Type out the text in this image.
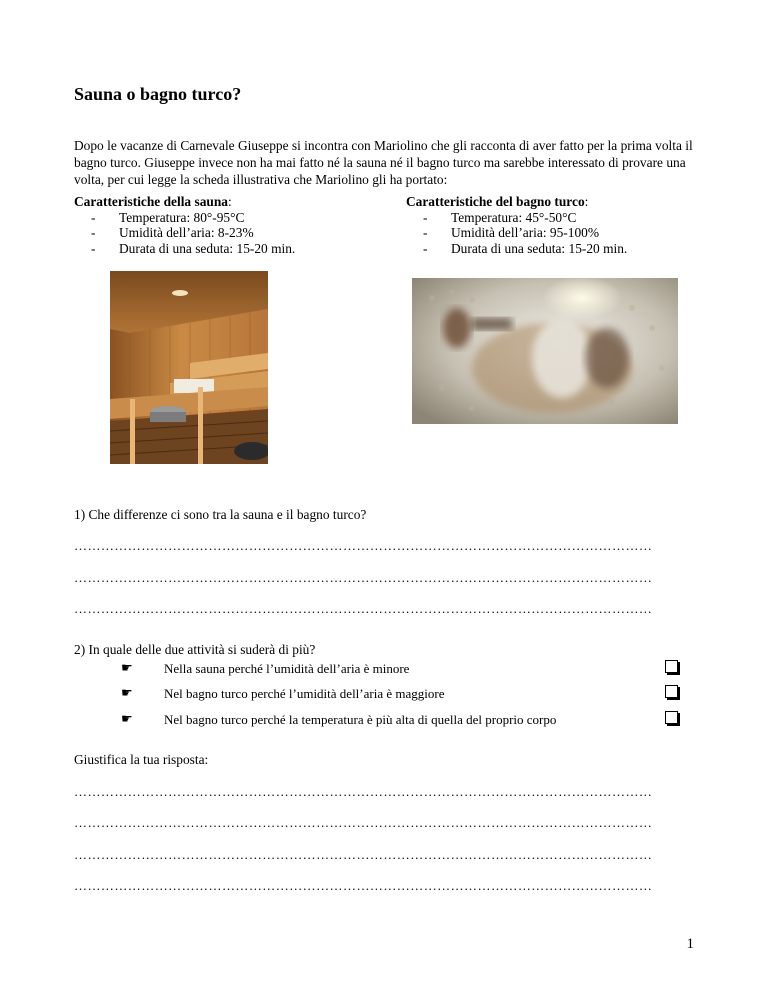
Sauna o bagno turco?
Dopo le vacanze di Carnevale Giuseppe si incontra con Mariolino che gli racconta di aver fatto per la prima volta il bagno turco. Giuseppe invece non ha mai fatto né la sauna né il bagno turco ma sarebbe interessato di provare una volta, per cui legge la scheda illustrativa che Mariolino gli ha portato:
Caratteristiche della sauna:
- Temperatura: 80°-95°C
- Umidità dell’aria: 8-23%
- Durata di una seduta: 15-20 min.
Caratteristiche del bagno turco:
- Temperatura: 45°-50°C
- Umidità dell’aria: 95-100%
- Durata di una seduta: 15-20 min.
1) Che differenze ci sono tra la sauna e il bagno turco?
…………………………………………………………………………………………………………………
…………………………………………………………………………………………………………………
…………………………………………………………………………………………………………………
2) In quale delle due attività si suderà di più?
☛ Nella sauna perché l’umidità dell’aria è minore
☛ Nel bagno turco perché l’umidità dell’aria è maggiore
☛ Nel bagno turco perché la temperatura è più alta di quella del proprio corpo
Giustifica la tua risposta:
…………………………………………………………………………………………………………………
…………………………………………………………………………………………………………………
…………………………………………………………………………………………………………………
…………………………………………………………………………………………………………………
1
